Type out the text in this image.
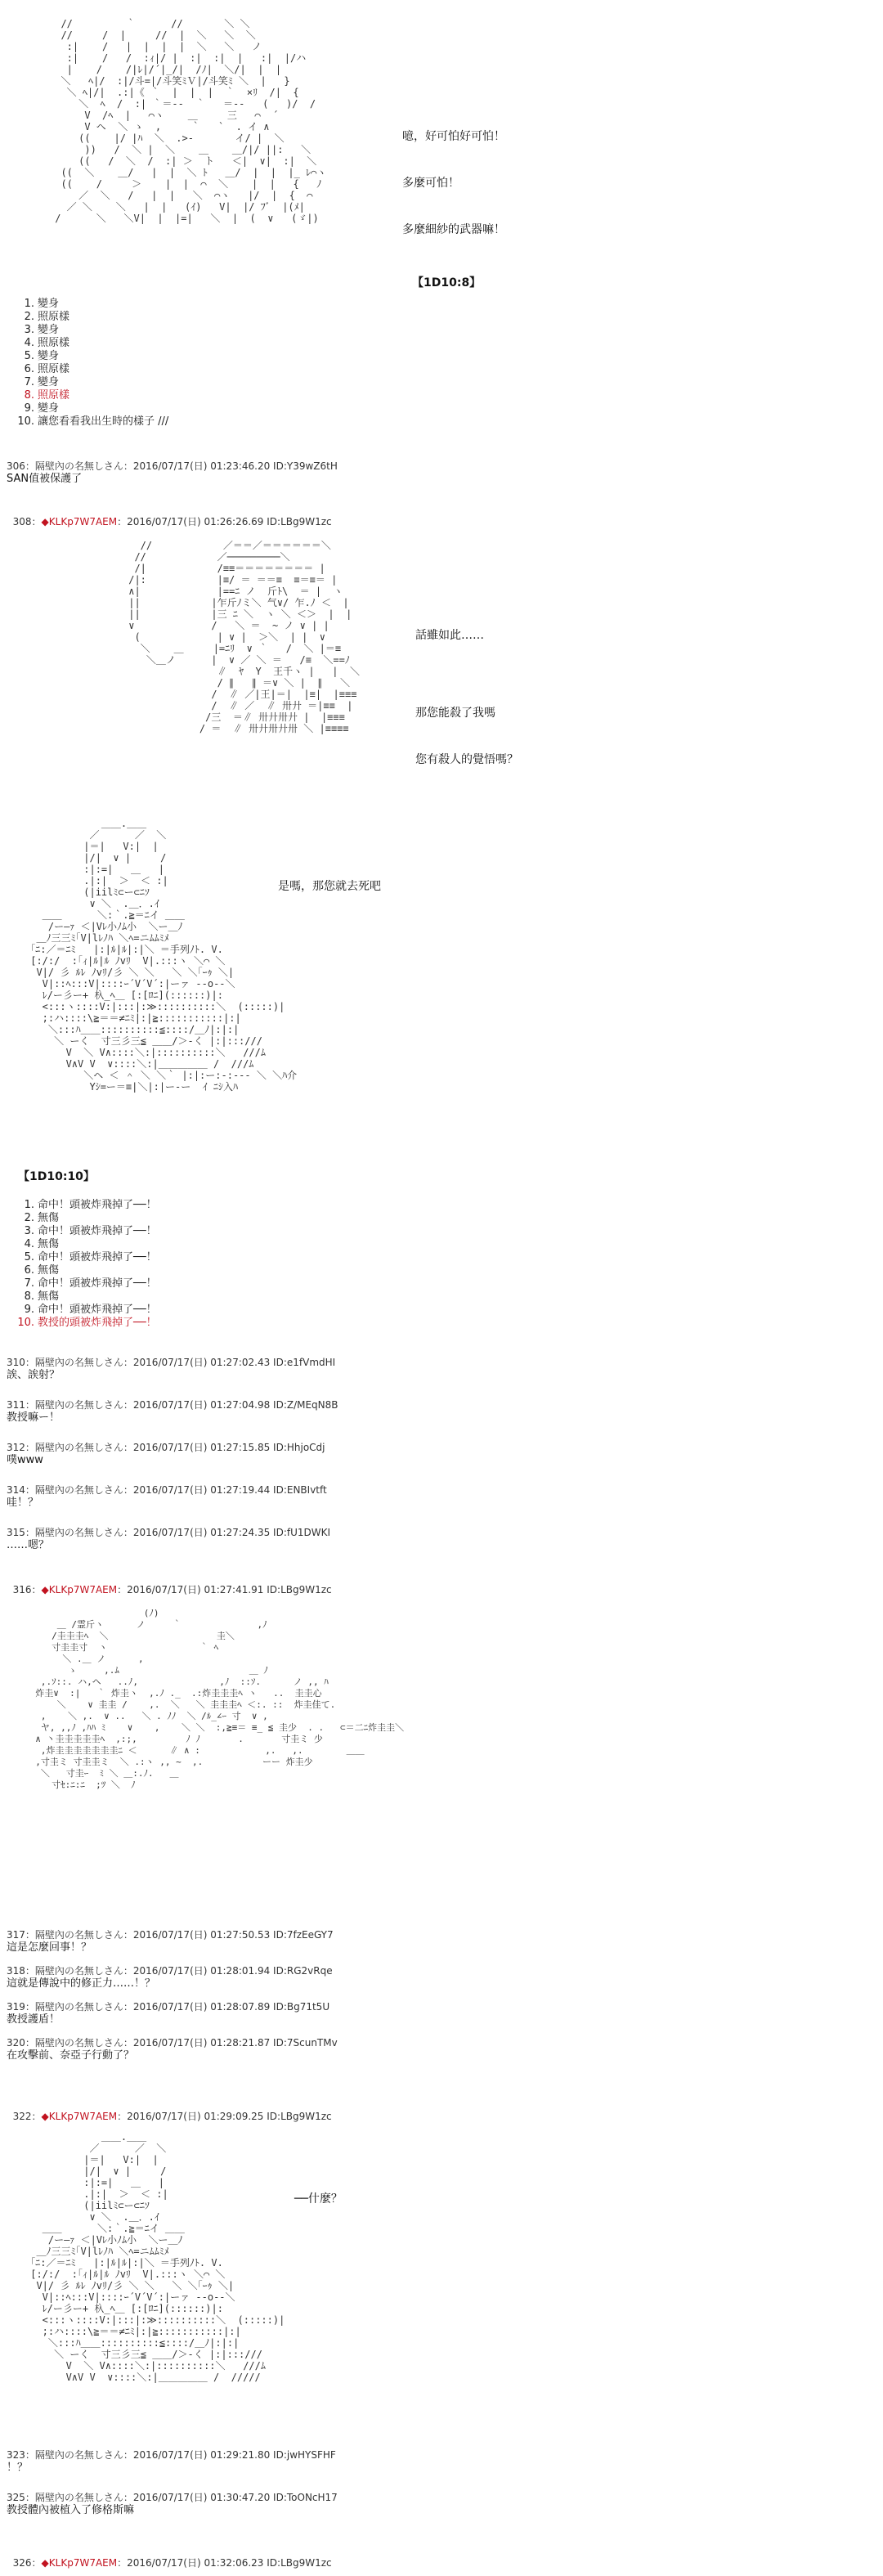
//         ｀      //       ＼ ＼
//     /  |     //  |  ＼   ＼  ＼
:|    /   |  |  |  |  ＼   ＼   ノ
:|    /   /  :ｨ|/ |  :|  :|  |   :|  |/ハ
|    /    /|ﾚ|/´|_/|  /ﾉ|  ＼/|  |  |
＼   ﾍ|/  :|/斗=|/斗笑ﾐＶ|/斗笑ﾐ ＼  |   }
＼ ﾍ|/|  .:|《 ｀  |  |  |  ｀  ×ﾘ  /|  {
＼  ﾍ  /  :| ｀＝--  ｀   ＝--   (   )/  /
V  /ﾍ  |   ⌒ヽ    ＿     三   ⌒  ´
V ヘ  ＼ ゝ  ,     ｀   `  . イ ∧
((    |/ |ﾊ  ＼  .>-       イ/ |  ＼
))   /  ＼ |  ＼    ＿    ＿/|/ ||:   ＼
((   /  ＼  /  :| ＞  ト   ＜|  ∨|  :|  ＼
((  ＼    ＿/   |  |  ＼ ﾄ   ＿/  |  |  |_ ﾚ⌒ヽ
((    /     ＞    |  |  ⌒  ＼    |  |   {   ﾉ
／  ＼   /   |  |   ＼  ⌒ヽ   |/  |  {  ⌒
／ ＼    ＼   |  |   (ｲ)   V|  |/ ﾌﾞ  |(ﾒ|
/      ＼   ＼V|  |  |=|   ＼  |  (  ∨   (ゞ|)

噫，好可怕好可怕！

多麼可怕！

多麼細紗的武器嘛！

【1D10:8】

1. 變身
2. 照原樣
3. 變身
4. 照原樣
5. 變身
6. 照原樣
7. 變身
8. 照原樣
9. 變身
10. 讓您看看我出生時的樣子 ///
306：隔壁內の名無しさん：2016/07/17(日) 01:23:46.20 ID:Y39wZ6tH
SAN值被保護了

308：◆KLKp7W7AEM：2016/07/17(日) 01:26:26.69 ID:LBg9W1zc

//            ／＝＝／＝＝＝＝＝＝＼
//            ／─────────＼
/|            /≡≡＝＝＝＝＝＝＝＝ |
/|:            |≡/ ＝ ＝＝≡  ≡＝≡＝ |
∧|             |==ﾆ ノ  斤ﾄ\  ＝ |  ヽ
||            |乍斤ﾉミ＼ 气∨/ 乍.ﾉ ＜  |
||            |三 ﾆ ＼  ヽ ＼ ＜＞  |  |
∨             /   ＼ ＝  ~ ノ ∨ | |
(             | ∨ |  ＞＼  | |  ∨
＼    ＿     |=ﾆﾘ  ∨ ｀   /  ＼ |＝≡
＼＿ノ      |  ∨ ／ ＼ ＝   /≡  ＼==ﾉ
∥  ﾔ  Y  王千ヽ |   |  ＼
/ ∥   ∥ ＝∨ ＼ |  ∥   ＼
/  ∥ ／|王|＝|  |≡|  |≡≡≡
/  ∥ ／  ∥ 卅廾 ＝|≡≡  |
/三  ＝∥ 卅廾卅廾 |  |≡≡≡
/ ＝  ∥ 卅廾卅廾卅 ＼ |≡≡≡≡

話雖如此……

那您能殺了我嗎

您有殺人的覺悟嗎？

＿＿.＿＿
／      ／  ＼
|＝|   V:|  |
|/|  ∨ |     /
:|:=|   ＿   |
.|:|  ＞  ＜ :|
(|iilﾐ⊂ー⊂ﾆｿ
∨ ＼  .＿．.ｲ
＿＿      ＼:｀.≧＝ﾆイ ＿＿
/ー―ｧ ＜|Vﾚ小ﾉﾑ小  ＼ー＿ﾉ
＿ﾉ三三ﾐ｢V|lﾚﾉﾊ ＼ﾍ=ニﾑﾑﾐﾒ
｢ﾆ:／＝ﾆﾐ   |:|ﾙ|ﾙ|:|＼ ＝手列ﾉﾄ. V.
[:/:/  :｢ｨ|ﾙ|ﾙ ﾉvﾘ  V|.:::ヽ ＼⌒ ＼
V|/ 彡 ﾙﾚ ﾉvﾘ/彡 ＼ ＼   ＼ ＼｢ｰｩ ＼|
V|::ﾍ:::V|::::ｰ´V´V´:|ーァ --o--＼
ﾚ/ー彡ー+ 杁_ﾍ＿ [:[ﾛﾆ](::::::)|:
<:::ヽ::::V:|:::|:≫::::::::::＼  (:::::)|
;:ハ::::\≧＝＝≠ﾆﾐ|:|≧:::::::::::|:|
＼:::ﾊ＿＿::::::::::≦::::/＿ﾉ|:|:|
＼ ーく  寸三彡三≦ ＿＿/＞-く |:|:::///
V  ＼ V∧::::＼:|::::::::::＼   ///ﾑ
V∧V V  ∨::::＼:|＿＿＿＿＿ /  ///ﾑ
＼ヘ ＜ ＾ ＼ ＼｀ |:|:ー:-:--- ＼ ＼ﾊ介
Yｼ=ー＝≡|＼|:|ー-ー  ｲ ﾆｼ入ﾊ
是嗎，那您就去死吧
【1D10:10】
1. 命中！頭被炸飛掉了──！
2. 無傷
3. 命中！頭被炸飛掉了──！
4. 無傷
5. 命中！頭被炸飛掉了──！
6. 無傷
7. 命中！頭被炸飛掉了──！
8. 無傷
9. 命中！頭被炸飛掉了──！
10. 教授的頭被炸飛掉了──！
310：隔壁內の名無しさん：2016/07/17(日) 01:27:02.43 ID:e1fVmdHI
誒、誒射？
311：隔壁內の名無しさん：2016/07/17(日) 01:27:04.98 ID:Z/MEqN8B
教授嘛ー！
312：隔壁內の名無しさん：2016/07/17(日) 01:27:15.85 ID:HhjoCdj
噗www
314：隔壁內の名無しさん：2016/07/17(日) 01:27:19.44 ID:ENBIvtft
哇！？
315：隔壁內の名無しさん：2016/07/17(日) 01:27:24.35 ID:fU1DWKI
……嗯？

316：◆KLKp7W7AEM：2016/07/17(日) 01:27:41.91 ID:LBg9W1zc

(ﾉ)
＿ /霊斤ヽ      ノ     ｀              ,ﾉ
/圭圭圭ﾍ  ＼                    圭＼
寸圭圭寸  ヽ                 ｀ ﾍ
＼ .＿ ノ      ,
ゝ     ,.ﾑ                        ＿ ﾉ
,.ｿ::. ハ,ヘ   ..ﾉ,               ,ﾉ  ::ｿ.      ノ ,, ﾊ
炸圭∨  :|   ｀ 炸圭ヽ  ,.ﾉ ._  .:炸圭圭圭ﾍ ヽ   ..  圭圭心
＼    ∨ 圭圭 /    ,.  ＼   ＼ 圭圭圭ﾍ ＜:. ::  炸圭佳て.
,    ＼ ,.  ∨ ..   ＼ . ﾉﾉ  ＼ /ﾙ_∠ｰ 寸  ∨ ,
ヤ, ,,ﾉ ,ﾊﾊ ﾐ    ∨    ,    ＼ ＼  :,≧≡＝ ≡_ ≦ 圭少  . .   ⊂＝二ﾆ炸圭圭＼
∧ 丶圭圭圭圭圭ﾍ  ,:;,         ﾉ ﾉ       .       寸圭ミ 少
,炸圭圭圭圭圭圭圭ﾆ ＜      ∥ ∧ :            ,.   ,.        ＿＿
,寸圭ミ 寸圭圭ミ  ＼ .:ヽ ,, ~  ,.           ーー 炸圭少
＼   寸圭ｰ  ﾐ ＼ ＿:.ﾉ.   ＿
寸ｾ:ﾆ:ﾆ  ;ﾂ ＼  ﾉ
317：隔壁內の名無しさん：2016/07/17(日) 01:27:50.53 ID:7fzEeGY7
這是怎麼回事！？
318：隔壁內の名無しさん：2016/07/17(日) 01:28:01.94 ID:RG2vRqe
這就是傳說中的修正力……！？
319：隔壁內の名無しさん：2016/07/17(日) 01:28:07.89 ID:Bg71t5U
教授護盾！
320：隔壁內の名無しさん：2016/07/17(日) 01:28:21.87 ID:7ScunTMv
在攻擊前、奈亞子行動了？

322：◆KLKp7W7AEM：2016/07/17(日) 01:29:09.25 ID:LBg9W1zc

＿＿.＿＿
／      ／  ＼
|＝|   V:|  |
|/|  ∨ |     /
:|:=|   ＿   |
.|:|  ＞  ＜ :|
(|iilﾐ⊂ー⊂ﾆｿ
∨ ＼  .＿．.ｲ
＿＿      ＼:｀.≧＝ﾆイ ＿＿
/ー―ｧ ＜|Vﾚ小ﾉﾑ小  ＼ー＿ﾉ
＿ﾉ三三ﾐ｢V|lﾚﾉﾊ ＼ﾍ=ニﾑﾑﾐﾒ
｢ﾆ:／＝ﾆﾐ   |:|ﾙ|ﾙ|:|＼ ＝手列ﾉﾄ. V.
[:/:/  :｢ｨ|ﾙ|ﾙ ﾉvﾘ  V|.:::ヽ ＼⌒ ＼
V|/ 彡 ﾙﾚ ﾉvﾘ/彡 ＼ ＼   ＼ ＼｢ｰｩ ＼|
V|::ﾍ:::V|::::ｰ´V´V´:|ーァ --o--＼
ﾚ/ー彡ー+ 杁_ﾍ＿ [:[ﾛﾆ](::::::)|:
<:::ヽ::::V:|:::|:≫::::::::::＼  (:::::)|
;:ハ::::\≧＝＝≠ﾆﾐ|:|≧:::::::::::|:|
＼:::ﾊ＿＿::::::::::≦::::/＿ﾉ|:|:|
＼ ーく  寸三彡三≦ ＿＿/＞-く |:|:::///
V  ＼ V∧::::＼:|::::::::::＼   ///ﾑ
V∧V V  ∨::::＼:|＿＿＿＿＿ /  /////
──什麼？
323：隔壁內の名無しさん：2016/07/17(日) 01:29:21.80 ID:jwHYSFHF
！？
325：隔壁內の名無しさん：2016/07/17(日) 01:30:47.20 ID:ToONcH17
教授體內被植入了修格斯嘛

326：◆KLKp7W7AEM：2016/07/17(日) 01:32:06.23 ID:LBg9W1zc
